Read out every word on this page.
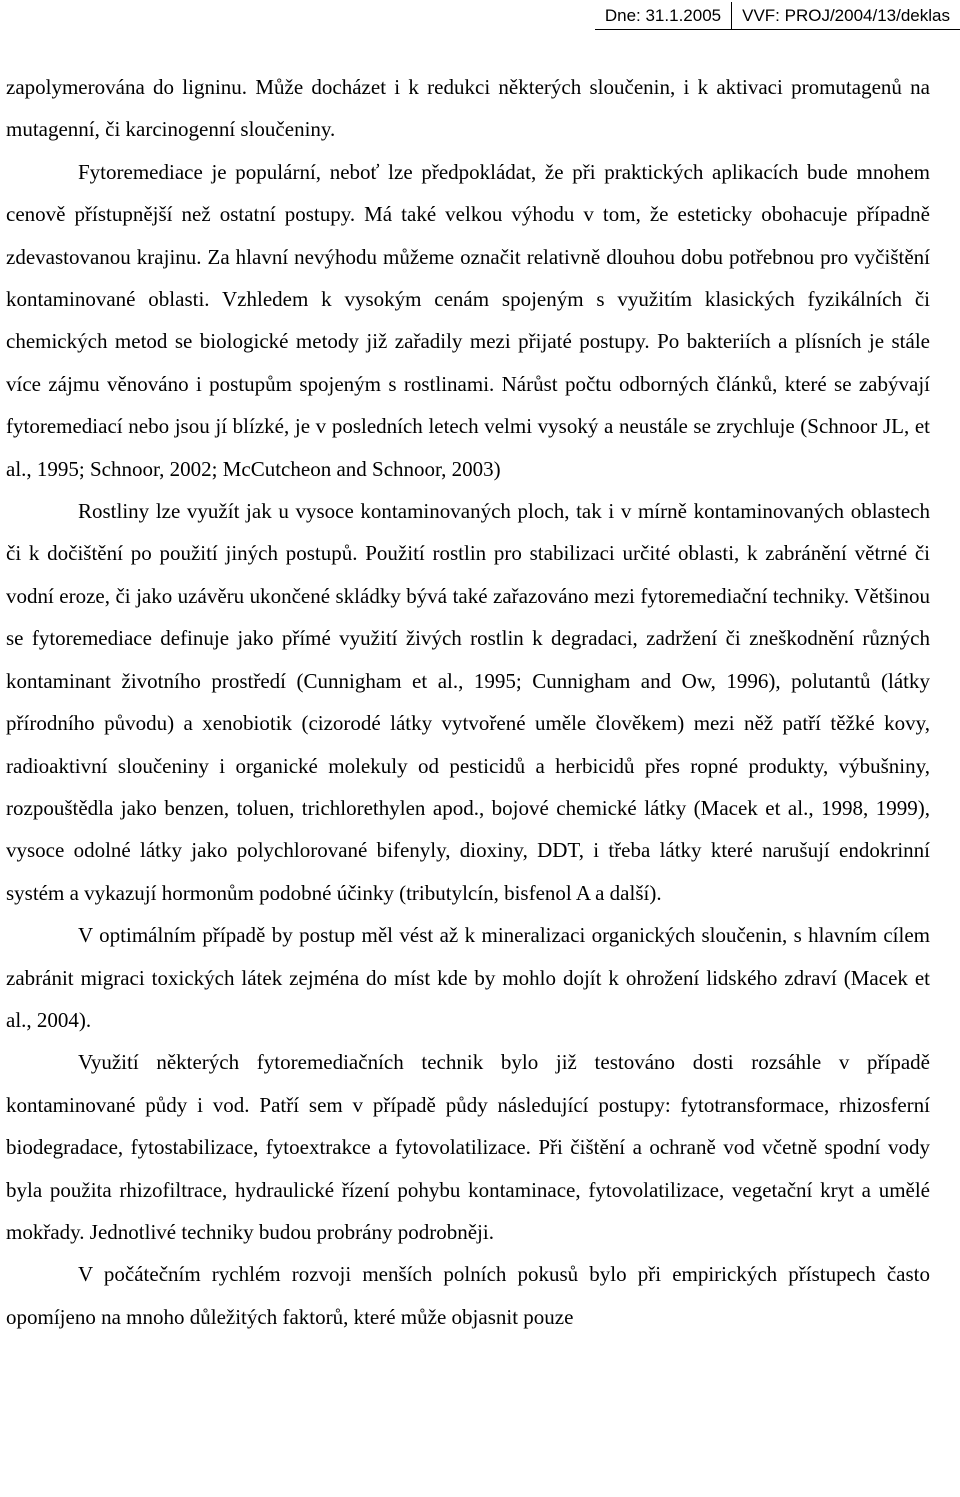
Dne: 31.1.2005	VVF: PROJ/2004/13/deklas

zapolymerována do ligninu. Může docházet i k redukci některých sloučenin, i k aktivaci promutagenů na mutagenní, či karcinogenní sloučeniny.

Fytoremediace je populární, neboť lze předpokládat, že při praktických aplikacích bude mnohem cenově přístupnější než ostatní postupy. Má také velkou výhodu v tom, že esteticky obohacuje případně zdevastovanou krajinu. Za hlavní nevýhodu můžeme označit relativně dlouhou dobu potřebnou pro vyčištění kontaminované oblasti. Vzhledem k vysokým cenám spojeným s využitím klasických fyzikálních či chemických metod se biologické metody již zařadily mezi přijaté postupy. Po bakteriích a plísních je stále více zájmu věnováno i postupům spojeným s rostlinami. Nárůst počtu odborných článků, které se zabývají fytoremediací nebo jsou jí blízké, je v posledních letech velmi vysoký a neustále se zrychluje (Schnoor JL, et al., 1995; Schnoor, 2002; McCutcheon and Schnoor, 2003)

Rostliny lze využít jak u vysoce kontaminovaných ploch, tak i v mírně kontaminovaných oblastech či k dočištění po použití jiných postupů. Použití rostlin pro stabilizaci určité oblasti, k zabránění větrné či vodní eroze, či jako uzávěru ukončené skládky bývá také zařazováno mezi fytoremediační techniky. Většinou se fytoremediace definuje jako přímé využití živých rostlin k degradaci, zadržení či zneškodnění různých kontaminant životního prostředí (Cunnigham et al., 1995; Cunnigham and Ow, 1996), polutantů (látky přírodního původu) a xenobiotik (cizorodé látky vytvořené uměle člověkem) mezi něž patří těžké kovy, radioaktivní sloučeniny i organické molekuly od pesticidů a herbicidů přes ropné produkty, výbušniny, rozpouštědla jako benzen, toluen, trichlorethylen apod., bojové chemické látky (Macek et al., 1998, 1999), vysoce odolné látky jako polychlorované bifenyly, dioxiny, DDT, i třeba látky které narušují endokrinní systém a vykazují hormonům podobné účinky (tributylcín, bisfenol A a další).

V optimálním případě by postup měl vést až k mineralizaci organických sloučenin, s hlavním cílem zabránit migraci toxických látek zejména do míst kde by mohlo dojít k ohrožení lidského zdraví (Macek et al., 2004).

Využití některých fytoremediačních technik bylo již testováno dosti rozsáhle v případě kontaminované půdy i vod. Patří sem v případě půdy následující postupy: fytotransformace, rhizosferní biodegradace, fytostabilizace, fytoextrakce a fytovolatilizace. Při čištění a ochraně vod včetně spodní vody byla použita rhizofiltrace, hydraulické řízení pohybu kontaminace, fytovolatilizace, vegetační kryt a umělé mokřady. Jednotlivé techniky budou probrány podrobněji.

V počátečním rychlém rozvoji menších polních pokusů bylo při empirických přístupech často opomíjeno na mnoho důležitých faktorů, které může objasnit pouze
